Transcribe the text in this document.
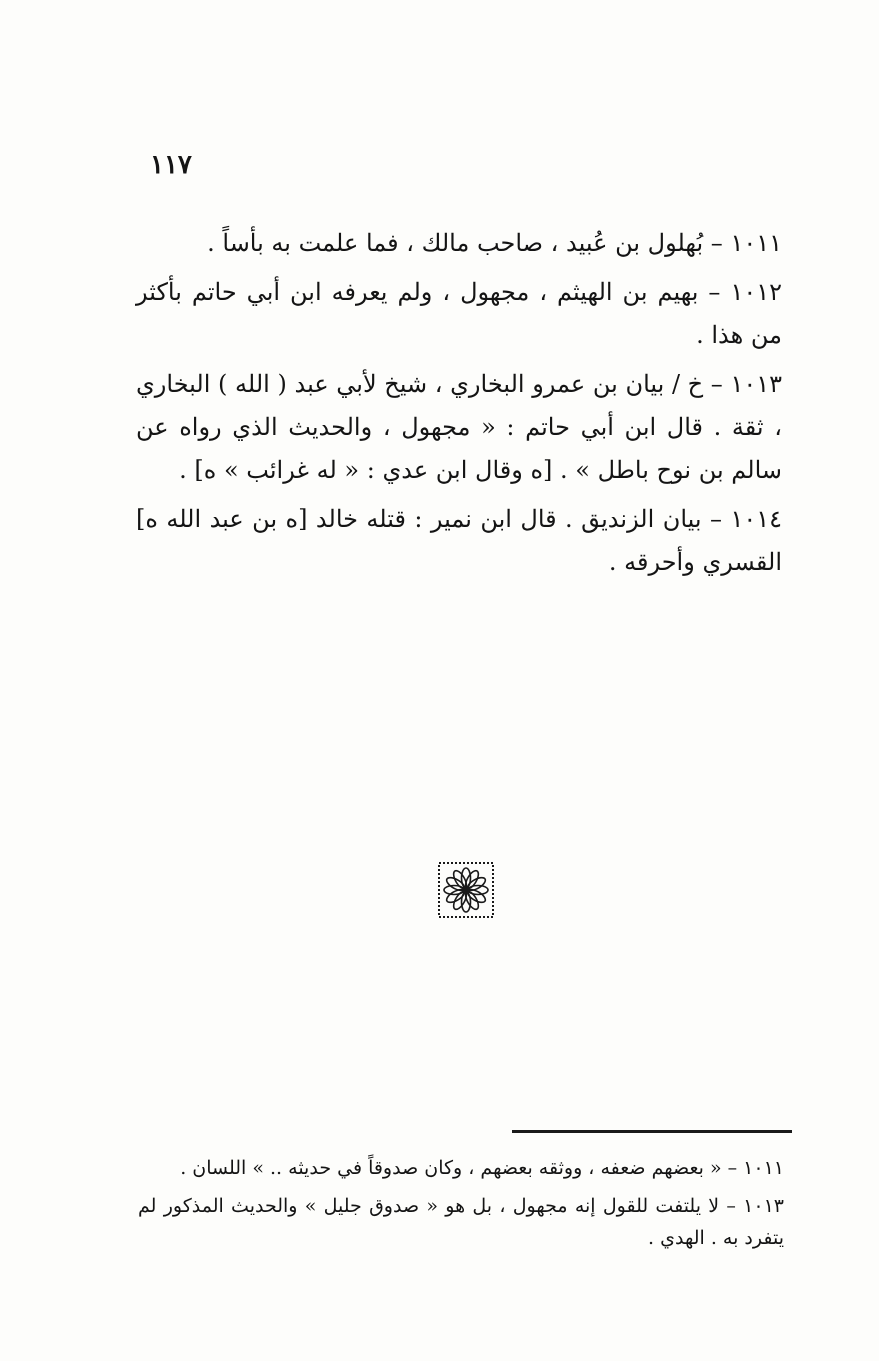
١١٧

١٠١١ – بُهلول بن عُبيد ، صاحب مالك ، فما علمت به بأساً .

١٠١٢ – بهيم بن الهيثم ، مجهول ، ولم يعرفه ابن أبي حاتم بأكثر من هذا .

١٠١٣ – خ / بيان بن عمرو البخاري ، شيخ لأبي عبد ( الله ) البخاري ، ثقة . قال ابن أبي حاتم : « مجهول ، والحديث الذي رواه عن سالم بن نوح باطل » . [ه وقال ابن عدي : « له غرائب » ه] .

١٠١٤ – بيان الزنديق . قال ابن نمير : قتله خالد [ه بن عبد الله ه] القسري وأحرقه .

١٠١١ – « بعضهم ضعفه ، ووثقه بعضهم ، وكان صدوقاً في حديثه .. » اللسان .

١٠١٣ – لا يلتفت للقول إنه مجهول ، بل هو « صدوق جليل » والحديث المذكور لم يتفرد به . الهدي .
